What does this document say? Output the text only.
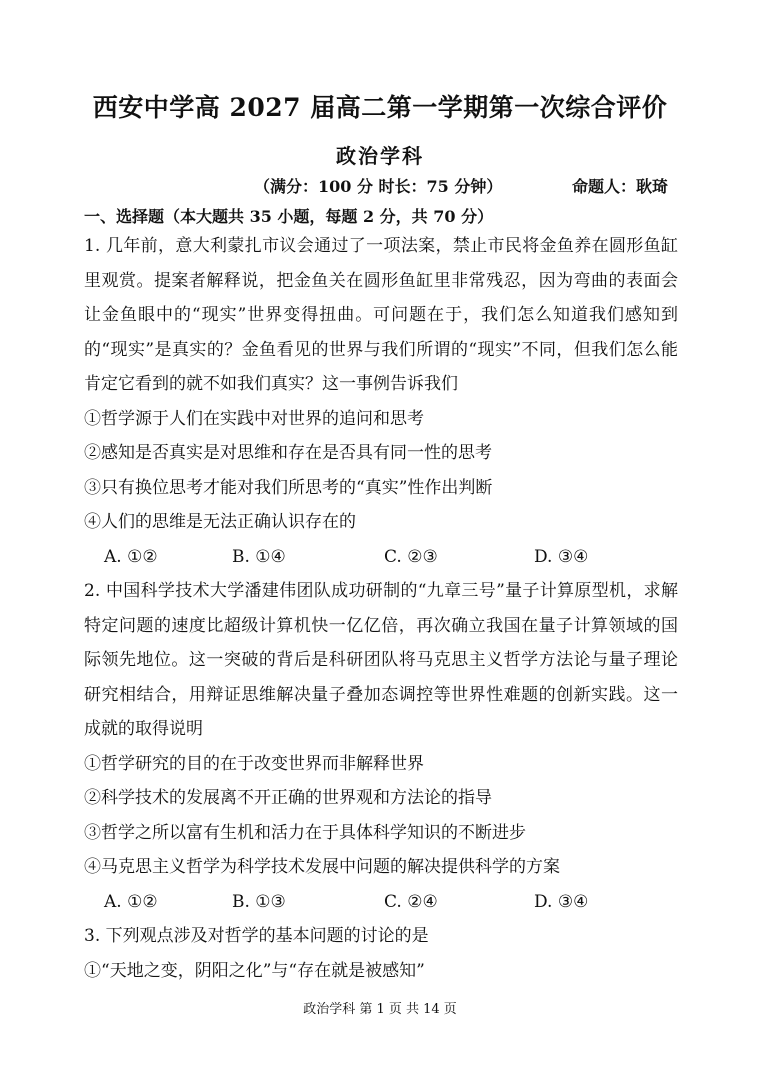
西安中学高 2027 届高二第一学期第一次综合评价
政治学科
（满分：100 分 时长：75 分钟）	命题人：耿琦
一、选择题（本大题共 35 小题，每题 2 分，共 70 分）
1. 几年前，意大利蒙扎市议会通过了一项法案，禁止市民将金鱼养在圆形鱼缸里观赏。提案者解释说，把金鱼关在圆形鱼缸里非常残忍，因为弯曲的表面会让金鱼眼中的“现实”世界变得扭曲。可问题在于，我们怎么知道我们感知到的“现实”是真实的？金鱼看见的世界与我们所谓的“现实”不同，但我们怎么能肯定它看到的就不如我们真实？这一事例告诉我们
①哲学源于人们在实践中对世界的追问和思考
②感知是否真实是对思维和存在是否具有同一性的思考
③只有换位思考才能对我们所思考的“真实”性作出判断
④人们的思维是无法正确认识存在的
A. ①②	B. ①④	C. ②③	D. ③④
2. 中国科学技术大学潘建伟团队成功研制的“九章三号”量子计算原型机，求解特定问题的速度比超级计算机快一亿亿倍，再次确立我国在量子计算领域的国际领先地位。这一突破的背后是科研团队将马克思主义哲学方法论与量子理论研究相结合，用辩证思维解决量子叠加态调控等世界性难题的创新实践。这一成就的取得说明
①哲学研究的目的在于改变世界而非解释世界
②科学技术的发展离不开正确的世界观和方法论的指导
③哲学之所以富有生机和活力在于具体科学知识的不断进步
④马克思主义哲学为科学技术发展中问题的解决提供科学的方案
A. ①②	B. ①③	C. ②④	D. ③④
3. 下列观点涉及对哲学的基本问题的讨论的是
①“天地之变，阴阳之化”与“存在就是被感知”
政治学科 第 1 页 共 14 页
